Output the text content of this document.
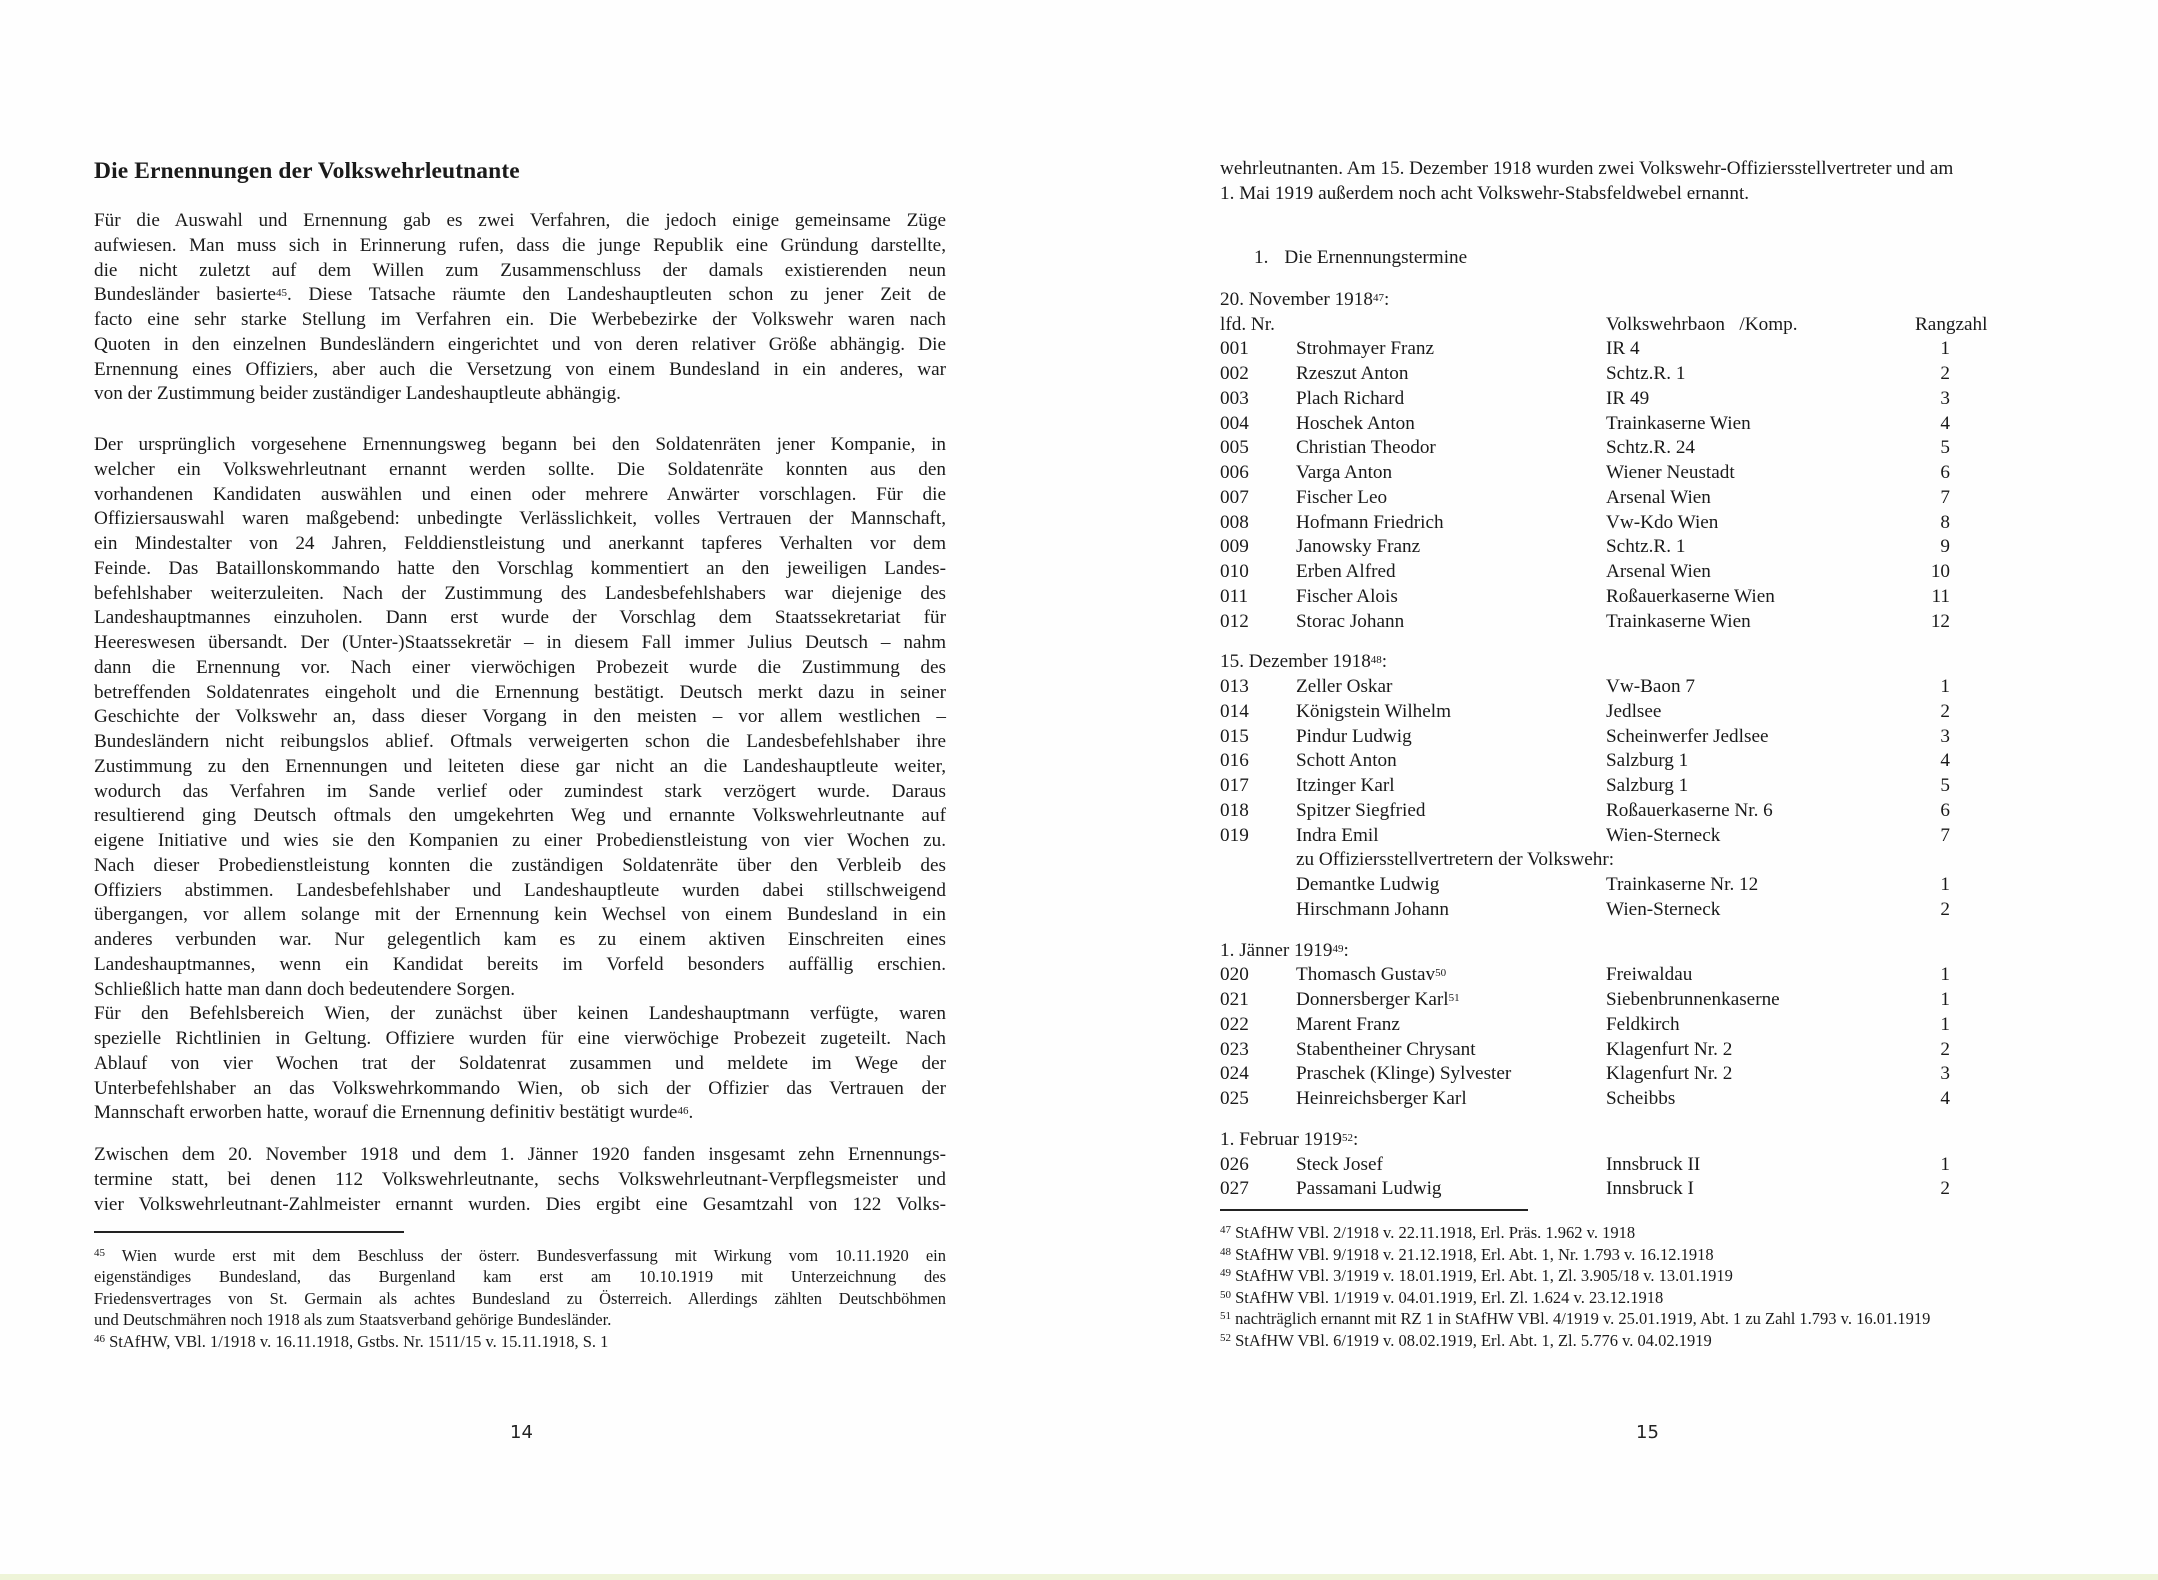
Die Ernennungen der Volkswehrleutnante
Für die Auswahl und Ernennung gab es zwei Verfahren, die jedoch einige gemeinsame Züge
aufwiesen. Man muss sich in Erinnerung rufen, dass die junge Republik eine Gründung darstellte,
die nicht zuletzt auf dem Willen zum Zusammenschluss der damals existierenden neun
Bundesländer basierte$^{45}$. Diese Tatsache räumte den Landeshauptleuten schon zu jener Zeit de
facto eine sehr starke Stellung im Verfahren ein. Die Werbebezirke der Volkswehr waren nach
Quoten in den einzelnen Bundesländern eingerichtet und von deren relativer Größe abhängig. Die
Ernennung eines Offiziers, aber auch die Versetzung von einem Bundesland in ein anderes, war
von der Zustimmung beider zuständiger Landeshauptleute abhängig.
Der ursprünglich vorgesehene Ernennungsweg begann bei den Soldatenräten jener Kompanie, in
welcher ein Volkswehrleutnant ernannt werden sollte. Die Soldatenräte konnten aus den
vorhandenen Kandidaten auswählen und einen oder mehrere Anwärter vorschlagen. Für die
Offiziersauswahl waren maßgebend: unbedingte Verlässlichkeit, volles Vertrauen der Mannschaft,
ein Mindestalter von 24 Jahren, Felddienstleistung und anerkannt tapferes Verhalten vor dem
Feinde. Das Bataillonskommando hatte den Vorschlag kommentiert an den jeweiligen Landes-
befehlshaber weiterzuleiten. Nach der Zustimmung des Landesbefehlshabers war diejenige des
Landeshauptmannes einzuholen. Dann erst wurde der Vorschlag dem Staatssekretariat für
Heereswesen übersandt. Der (Unter-)Staatssekretär – in diesem Fall immer Julius Deutsch – nahm
dann die Ernennung vor. Nach einer vierwöchigen Probezeit wurde die Zustimmung des
betreffenden Soldatenrates eingeholt und die Ernennung bestätigt. Deutsch merkt dazu in seiner
Geschichte der Volkswehr an, dass dieser Vorgang in den meisten – vor allem westlichen –
Bundesländern nicht reibungslos ablief. Oftmals verweigerten schon die Landesbefehlshaber ihre
Zustimmung zu den Ernennungen und leiteten diese gar nicht an die Landeshauptleute weiter,
wodurch das Verfahren im Sande verlief oder zumindest stark verzögert wurde. Daraus
resultierend ging Deutsch oftmals den umgekehrten Weg und ernannte Volkswehrleutnante auf
eigene Initiative und wies sie den Kompanien zu einer Probedienstleistung von vier Wochen zu.
Nach dieser Probedienstleistung konnten die zuständigen Soldatenräte über den Verbleib des
Offiziers abstimmen. Landesbefehlshaber und Landeshauptleute wurden dabei stillschweigend
übergangen, vor allem solange mit der Ernennung kein Wechsel von einem Bundesland in ein
anderes verbunden war. Nur gelegentlich kam es zu einem aktiven Einschreiten eines
Landeshauptmannes, wenn ein Kandidat bereits im Vorfeld besonders auffällig erschien.
Schließlich hatte man dann doch bedeutendere Sorgen.
Für den Befehlsbereich Wien, der zunächst über keinen Landeshauptmann verfügte, waren
spezielle Richtlinien in Geltung. Offiziere wurden für eine vierwöchige Probezeit zugeteilt. Nach
Ablauf von vier Wochen trat der Soldatenrat zusammen und meldete im Wege der
Unterbefehlshaber an das Volkswehrkommando Wien, ob sich der Offizier das Vertrauen der
Mannschaft erworben hatte, worauf die Ernennung definitiv bestätigt wurde$^{46}$.
Zwischen dem 20. November 1918 und dem 1. Jänner 1920 fanden insgesamt zehn Ernennungs-
termine statt, bei denen 112 Volkswehrleutnante, sechs Volkswehrleutnant-Verpflegsmeister und
vier Volkswehrleutnant-Zahlmeister ernannt wurden. Dies ergibt eine Gesamtzahl von 122 Volks-
$^{45}$ Wien wurde erst mit dem Beschluss der österr. Bundesverfassung mit Wirkung vom 10.11.1920 ein
eigenständiges Bundesland, das Burgenland kam erst am 10.10.1919 mit Unterzeichnung des
Friedensvertrages von St. Germain als achtes Bundesland zu Österreich. Allerdings zählten Deutschböhmen
und Deutschmähren noch 1918 als zum Staatsverband gehörige Bundesländer.
$^{46}$ StAfHW, VBl. 1/1918 v. 16.11.1918, Gstbs. Nr. 1511/15 v. 15.11.1918, S. 1
14
wehrleutnanten. Am 15. Dezember 1918 wurden zwei Volkswehr-Offiziersstellvertreter und am
1. Mai 1919 außerdem noch acht Volkswehr-Stabsfeldwebel ernannt.
1. Die Ernennungstermine
20. November 1918$^{47}$:
lfd. Nr.	Volkswehrbaon   /Komp.	Rangzahl
001 Strohmayer Franz	IR 4	1
002 Rzeszut Anton	Schtz.R. 1	2
003 Plach Richard	IR 49	3
004 Hoschek Anton	Trainkaserne Wien	4
005 Christian Theodor	Schtz.R. 24	5
006 Varga Anton	Wiener Neustadt	6
007 Fischer Leo	Arsenal Wien	7
008 Hofmann Friedrich	Vw-Kdo Wien	8
009 Janowsky Franz	Schtz.R. 1	9
010 Erben Alfred	Arsenal Wien	10
011 Fischer Alois	Roßauerkaserne Wien	11
012 Storac Johann	Trainkaserne Wien	12
15. Dezember 1918$^{48}$:
013 Zeller Oskar	Vw-Baon 7	1
014 Königstein Wilhelm	Jedlsee	2
015 Pindur Ludwig	Scheinwerfer Jedlsee	3
016 Schott Anton	Salzburg 1	4
017 Itzinger Karl	Salzburg 1	5
018 Spitzer Siegfried	Roßauerkaserne Nr. 6	6
019 Indra Emil	Wien-Sterneck	7
zu Offiziersstellvertretern der Volkswehr:
Demantke Ludwig	Trainkaserne Nr. 12	1
Hirschmann Johann	Wien-Sterneck	2
1. Jänner 1919$^{49}$:
020 Thomasch Gustav$^{50}$	Freiwaldau	1
021 Donnersberger Karl$^{51}$	Siebenbrunnenkaserne	1
022 Marent Franz	Feldkirch	1
023 Stabentheiner Chrysant	Klagenfurt Nr. 2	2
024 Praschek (Klinge) Sylvester	Klagenfurt Nr. 2	3
025 Heinreichsberger Karl	Scheibbs	4
1. Februar 1919$^{52}$:
026 Steck Josef	Innsbruck II	1
027 Passamani Ludwig	Innsbruck I	2
$^{47}$ StAfHW VBl. 2/1918 v. 22.11.1918, Erl. Präs. 1.962 v. 1918
$^{48}$ StAfHW VBl. 9/1918 v. 21.12.1918, Erl. Abt. 1, Nr. 1.793 v. 16.12.1918
$^{49}$ StAfHW VBl. 3/1919 v. 18.01.1919, Erl. Abt. 1, Zl. 3.905/18 v. 13.01.1919
$^{50}$ StAfHW VBl. 1/1919 v. 04.01.1919, Erl. Zl. 1.624 v. 23.12.1918
$^{51}$ nachträglich ernannt mit RZ 1 in StAfHW VBl. 4/1919 v. 25.01.1919, Abt. 1 zu Zahl 1.793 v. 16.01.1919
$^{52}$ StAfHW VBl. 6/1919 v. 08.02.1919, Erl. Abt. 1, Zl. 5.776 v. 04.02.1919
15
